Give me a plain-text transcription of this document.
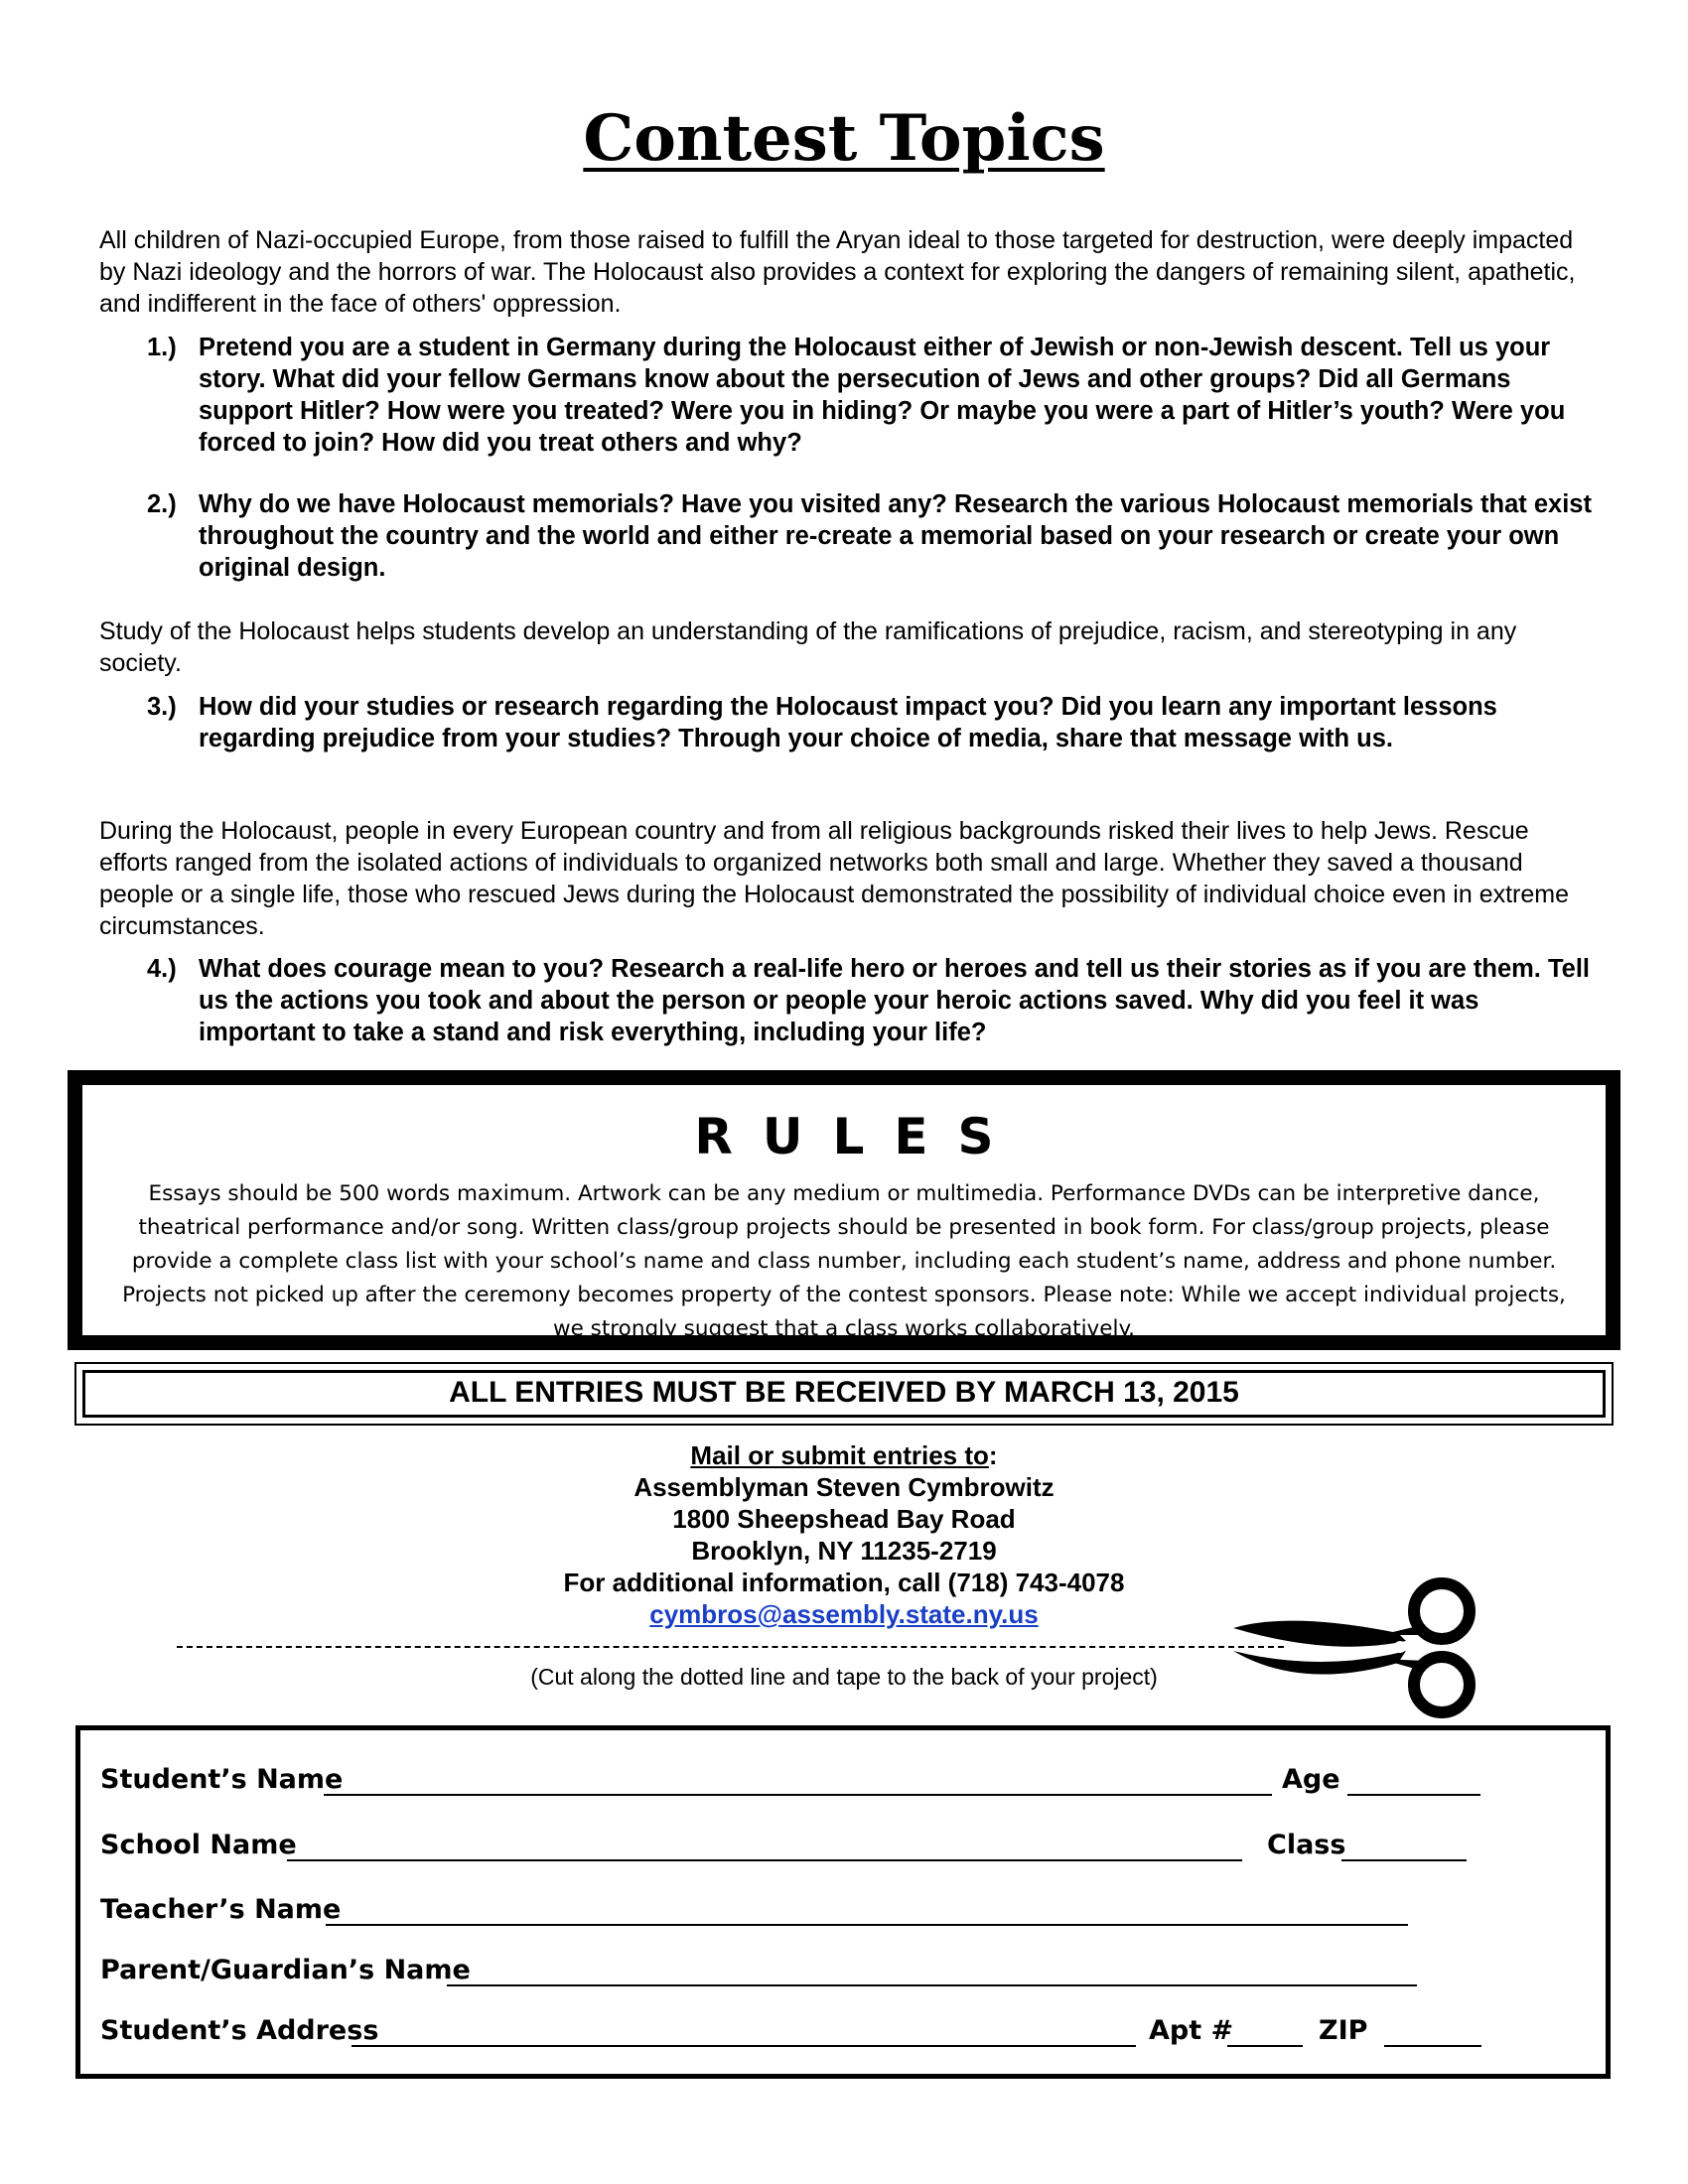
Contest Topics

All children of Nazi-occupied Europe, from those raised to fulfill the Aryan ideal to those targeted for destruction, were deeply impacted by Nazi ideology and the horrors of war. The Holocaust also provides a context for exploring the dangers of remaining silent, apathetic, and indifferent in the face of others' oppression.

1.) Pretend you are a student in Germany during the Holocaust either of Jewish or non-Jewish descent. Tell us your story. What did your fellow Germans know about the persecution of Jews and other groups? Did all Germans support Hitler? How were you treated? Were you in hiding? Or maybe you were a part of Hitler’s youth? Were you forced to join? How did you treat others and why?
2.) Why do we have Holocaust memorials? Have you visited any? Research the various Holocaust memorials that exist throughout the country and the world and either re-create a memorial based on your research or create your own original design.

Study of the Holocaust helps students develop an understanding of the ramifications of prejudice, racism, and stereotyping in any society.

3.) How did your studies or research regarding the Holocaust impact you? Did you learn any important lessons regarding prejudice from your studies? Through your choice of media, share that message with us.

During the Holocaust, people in every European country and from all religious backgrounds risked their lives to help Jews. Rescue efforts ranged from the isolated actions of individuals to organized networks both small and large. Whether they saved a thousand people or a single life, those who rescued Jews during the Holocaust demonstrated the possibility of individual choice even in extreme circumstances.

4.) What does courage mean to you? Research a real-life hero or heroes and tell us their stories as if you are them. Tell us the actions you took and about the person or people your heroic actions saved. Why did you feel it was important to take a stand and risk everything, including your life?
RULES
Essays should be 500 words maximum. Artwork can be any medium or multimedia. Performance DVDs can be interpretive dance, theatrical performance and/or song. Written class/group projects should be presented in book form. For class/group projects, please provide a complete class list with your school’s name and class number, including each student’s name, address and phone number. Projects not picked up after the ceremony becomes property of the contest sponsors. Please note: While we accept individual projects, we strongly suggest that a class works collaboratively.
ALL ENTRIES MUST BE RECEIVED BY MARCH 13, 2015
Mail or submit entries to:
Assemblyman Steven Cymbrowitz
1800 Sheepshead Bay Road
Brooklyn, NY 11235-2719
For additional information, call (718) 743-4078
cymbros@assembly.state.ny.us
(Cut along the dotted line and tape to the back of your project)
Student’s Name	Age
School Name	Class
Teacher’s Name
Parent/Guardian’s Name
Student’s Address	Apt #	ZIP
